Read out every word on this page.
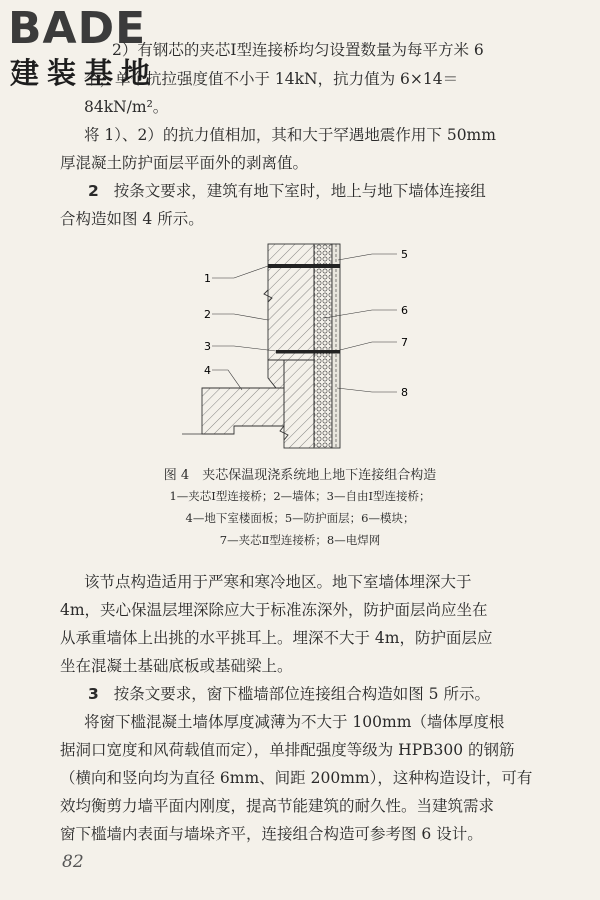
BADE
建装基地
2）有钢芯的夹芯Ⅰ型连接桥均匀设置数量为每平方米 6
个，单个抗拉强度值不小于 14kN，抗力值为 6×14＝
84kN/m²。
将 1）、2）的抗力值相加，其和大于罕遇地震作用下 50mm
厚混凝土防护面层平面外的剥离值。
2 按条文要求，建筑有地下室时，地上与地下墙体连接组
合构造如图 4 所示。
1
2
3
4
5
6
7
8
图 4　夹芯保温现浇系统地上地下连接组合构造
1—夹芯Ⅰ型连接桥；2—墙体；3—自由Ⅰ型连接桥；
4—地下室楼面板；5—防护面层；6—模块；
7—夹芯Ⅱ型连接桥；8—电焊网
该节点构造适用于严寒和寒冷地区。地下室墙体埋深大于
4m，夹心保温层埋深除应大于标准冻深外，防护面层尚应坐在
从承重墙体上出挑的水平挑耳上。埋深不大于 4m，防护面层应
坐在混凝土基础底板或基础梁上。
3 按条文要求，窗下槛墙部位连接组合构造如图 5 所示。
将窗下槛混凝土墙体厚度减薄为不大于 100mm（墙体厚度根
据洞口宽度和风荷载值而定），单排配强度等级为 HPB300 的钢筋
（横向和竖向均为直径 6mm、间距 200mm），这种构造设计，可有
效均衡剪力墙平面内刚度，提高节能建筑的耐久性。当建筑需求
窗下槛墙内表面与墙垛齐平，连接组合构造可参考图 6 设计。
82
